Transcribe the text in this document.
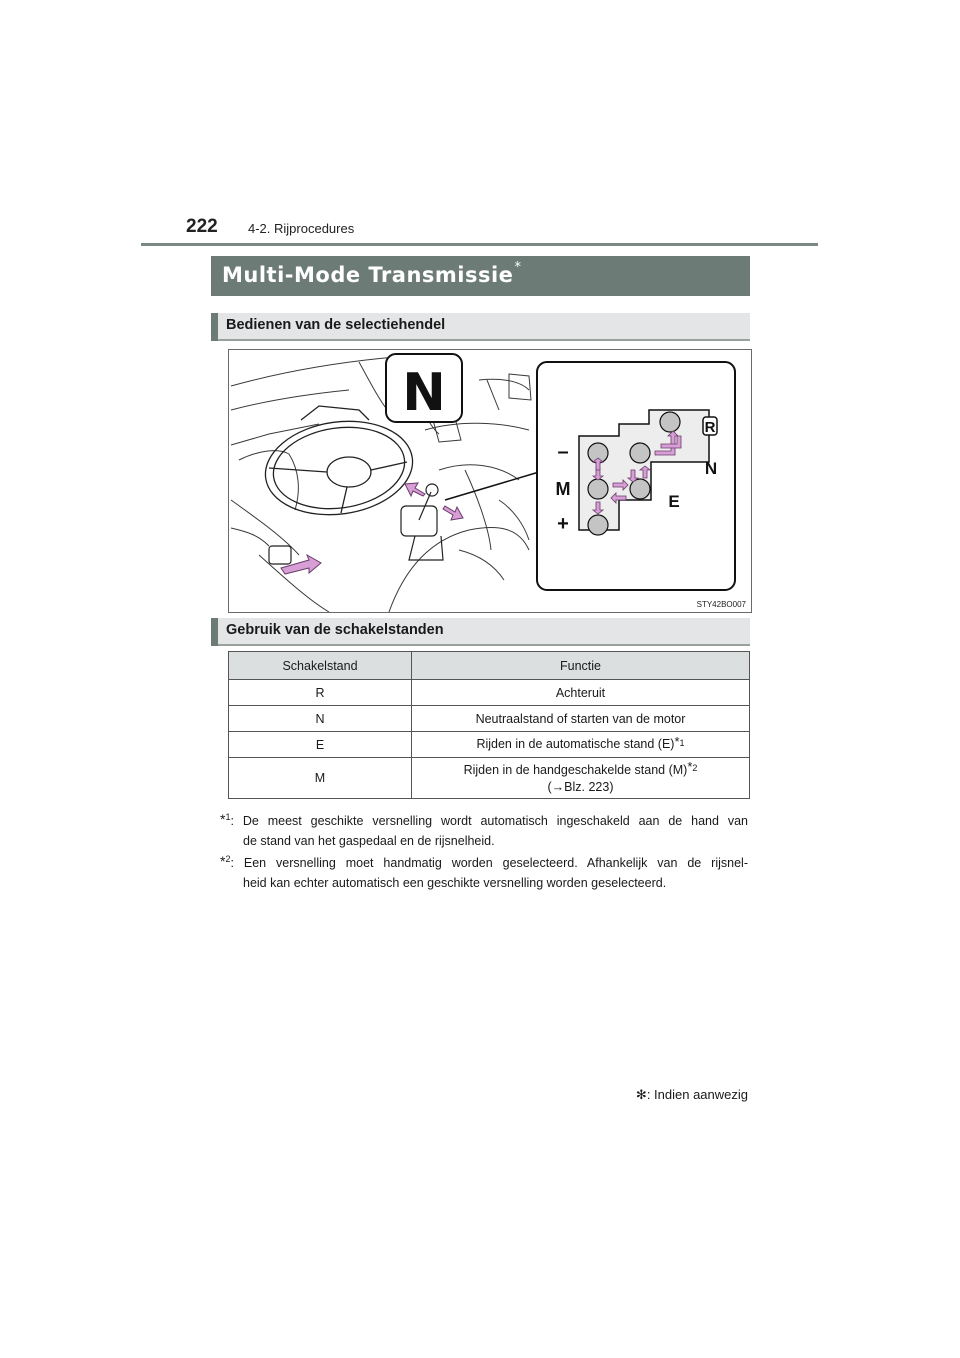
222 4-2. Rijprocedures
Multi-Mode Transmissie*
Bedienen van de selectiehendel
N
–
M
+
R
N
E
STY42BO007
Gebruik van de schakelstanden
Schakelstand	Functie
R	Achteruit
N	Neutraalstand of starten van de motor
E	Rijden in de automatische stand $(E)^{*1}$
M	Rijden in de handgeschakelde stand $(M)^{*2}$
(→Blz. 223)
*$^1$: De meest geschikte versnelling wordt automatisch ingeschakeld aan de hand van
de stand van het gaspedaal en de rijsnelheid.
*$^2$: Een versnelling moet handmatig worden geselecteerd. Afhankelijk van de rijsnel-
heid kan echter automatisch een geschikte versnelling worden geselecteerd.
✻: Indien aanwezig
